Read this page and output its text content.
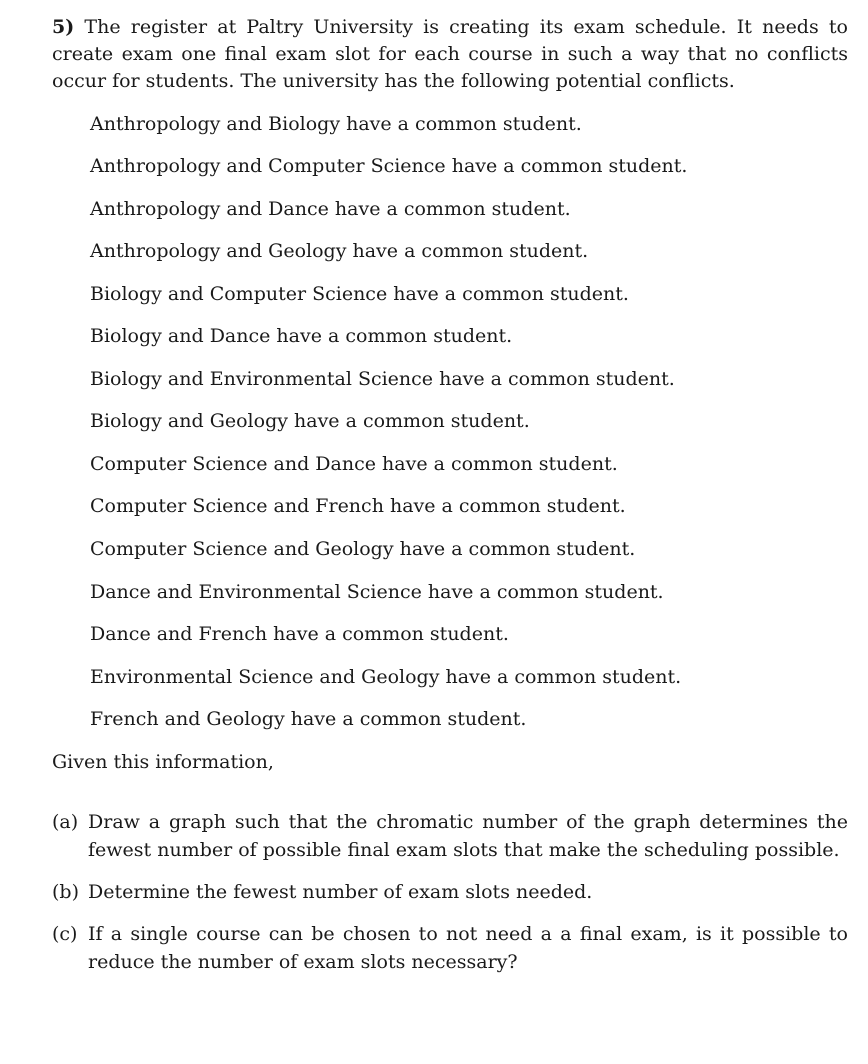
5) The register at Paltry University is creating its exam schedule. It needs to create exam one final exam slot for each course in such a way that no conflicts occur for students. The university has the following potential conflicts.

Anthropology and Biology have a common student.
Anthropology and Computer Science have a common student.
Anthropology and Dance have a common student.
Anthropology and Geology have a common student.
Biology and Computer Science have a common student.
Biology and Dance have a common student.
Biology and Environmental Science have a common student.
Biology and Geology have a common student.
Computer Science and Dance have a common student.
Computer Science and French have a common student.
Computer Science and Geology have a common student.
Dance and Environmental Science have a common student.
Dance and French have a common student.
Environmental Science and Geology have a common student.
French and Geology have a common student.
Given this information,
(a) Draw a graph such that the chromatic number of the graph determines the fewest number of possible final exam slots that make the scheduling possible.
(b) Determine the fewest number of exam slots needed.
(c) If a single course can be chosen to not need a a final exam, is it possible to reduce the number of exam slots necessary?
